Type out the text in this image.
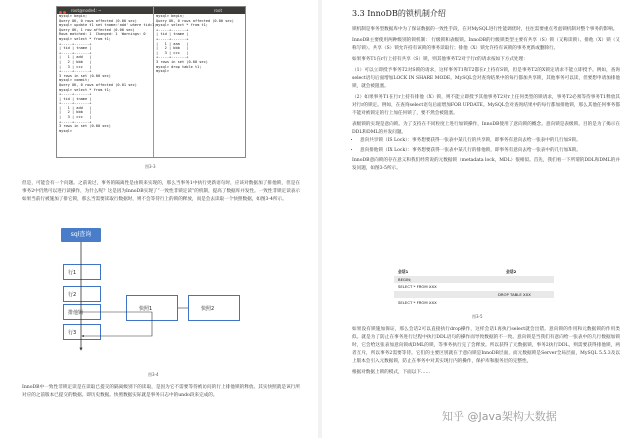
root@node4: ~
mysql> begin;
Query OK, 0 rows affected (0.00 sec)
mysql> update t1 set tname='add' where tid=1;
Query OK, 1 row affected (0.00 sec)
Rows matched: 1  Changed: 1  Warnings: 0
mysql> select * from t1;
+-----+-------+
| tid | tname |
+-----+-------+
|   1 | add   |
|   2 | bbb   |
|   3 | ccc   |
+-----+-------+
3 rows in set (0.00 sec)
mysql> commit;
Query OK, 0 rows affected (0.01 sec)
mysql> select * from t1;
+-----+-------+
| tid | tname |
+-----+-------+
|   1 | add   |
|   2 | bbb   |
|   3 | ccc   |
+-----+-------+
3 rows in set (0.00 sec)
mysql>
root
mysql> begin;
Query OK, 0 rows affected (0.00 sec)
mysql> select * from t1;
+-----+-------+
| tid | tname |
+-----+-------+
|   1 | aaa   |
|   2 | bbb   |
|   3 | ccc   |
+-----+-------+
3 rows in set (0.00 sec)
mysql> drop table t1;
mysql>
图3-3

但是，可能会有一个问题。之前说过，事务的隔离性是由锁来实现的，那么当事务1中执行更新语句时，应该对数据加了排他锁，但是在事务2中仍然可以进行读操作，为什么呢？这是因为InnoDB实现了“一致性非锁定读”的机制，提高了数据库并发性。一致性非锁定读表示如果当前行被施加了排它锁，那么当需要读取行数据时，则不会等待行上的锁的释放，而是会去读取一个快照数据，如图3-4所示。

sql查询
行1
行2
排他锁
行3
快照1	快照2
图3-4

InnoDB中一致性非锁定读是在读取已提交的隔离级别下的读取，是因为它不需要等待被访问的行上排他锁的释放。其实快照就是该行所对应的之前版本已提交的数据。即历史数据。快照数据实际就是事务日志中的undo段来完成的。

3.3 InnoDB的锁机制介绍

锁机制是事务型数据库中为了保证数据的一致性手段，在对MySQL进行性能调优时，往往需要重点考虑锁机制对整个事务的影响。

InnoDB主要使用两种级别的锁机制： 行级锁和表级锁。InnoDB的行级锁类型主要有共享（S）锁（又称读锁）、排他（X）锁（又称写锁）。共享（S）锁允许持有该锁的事务读取行；排他（X）锁允许持有该锁的事务更新或删除行。

如果事务T1在r行上持有共享（S）锁，则其他事务T2对于行r的请求按如下方式处理：

（1）可以立即授予事务T2对S锁的请求，这样事务T1和T2都在r上持有S锁，但是事务T2的X锁定请求不能立即授予。例如，查询select语句后面增加LOCK IN SHARE MODE。MySQL会对查询结果中的每行都加共享锁，其他事务可以读，但要想申请加排他锁，就会被阻塞。

（2）如果事务T1在行r上持有排他（X）锁，则不能立即授予其他事务T2对r上任何类型的锁请求，事务T2必须等待事务T1释放其对行r的锁定。例如，在查询select语句后面增加FOR UPDATE。MySQL会对查询结果中的每行都加排他锁，那么其他任何事务都不能对被锁定的行上加任何锁了，要不然会被阻塞。

表级锁的实现是意向锁。为了支持在不同粒度上进行加锁操作，InnoDB使用了意向锁的概念。意向锁是表级锁。目的是为了揭示在DDL和DML的并发问题。

• 意向共享锁（IS Lock）：事务想要获得一张表中某几行的共享锁，即事务有意向去给一张表中的几行加S锁。
• 意向排他锁（IX Lock）：事务想要获得一张表中某几行的排他锁，即事务有意向去给一张表中的几行加X锁。

InnoDB意向锁的存在意义和我们经常说的元数据锁（metadata lock，MDL）很相似。首先，我们看一下所谓的DDL和DML的并发问题，如图3-5所示。

会话1	会话2
BEGIN;
SELECT * FROM XXX
DROP TABLE XXX
SELECT * FROM XXX
图3-5

如果没有锁施加保证，那么会话2可以直接执行drop操作，这样会话1再执行select就会出错。意向锁的作用和元数据锁的作用类似。就是为了防止在事务进行过程中执行DDL语句的操作而导致数据的不一致。意向锁是当我们有意向给一张表中的几行数据加锁时，它会给这张表加意向锁或DML的锁，等事务执行完了会释放。所以获得了元数据锁，事务2执行DDL，则需要获得排他锁，两者互斥，所以事务2需要等待。它们的主要区别就在于意向锁是InnoDB层面，而元数据锁是Server全局层面，MySQL 5.5.3及以上版本会引入元数据锁，防止在事务中对其实现行内的操作，保护库和服务层的完整性。

根据对数据上锁的模式，下面以下……

知乎 @Java架构大数据
